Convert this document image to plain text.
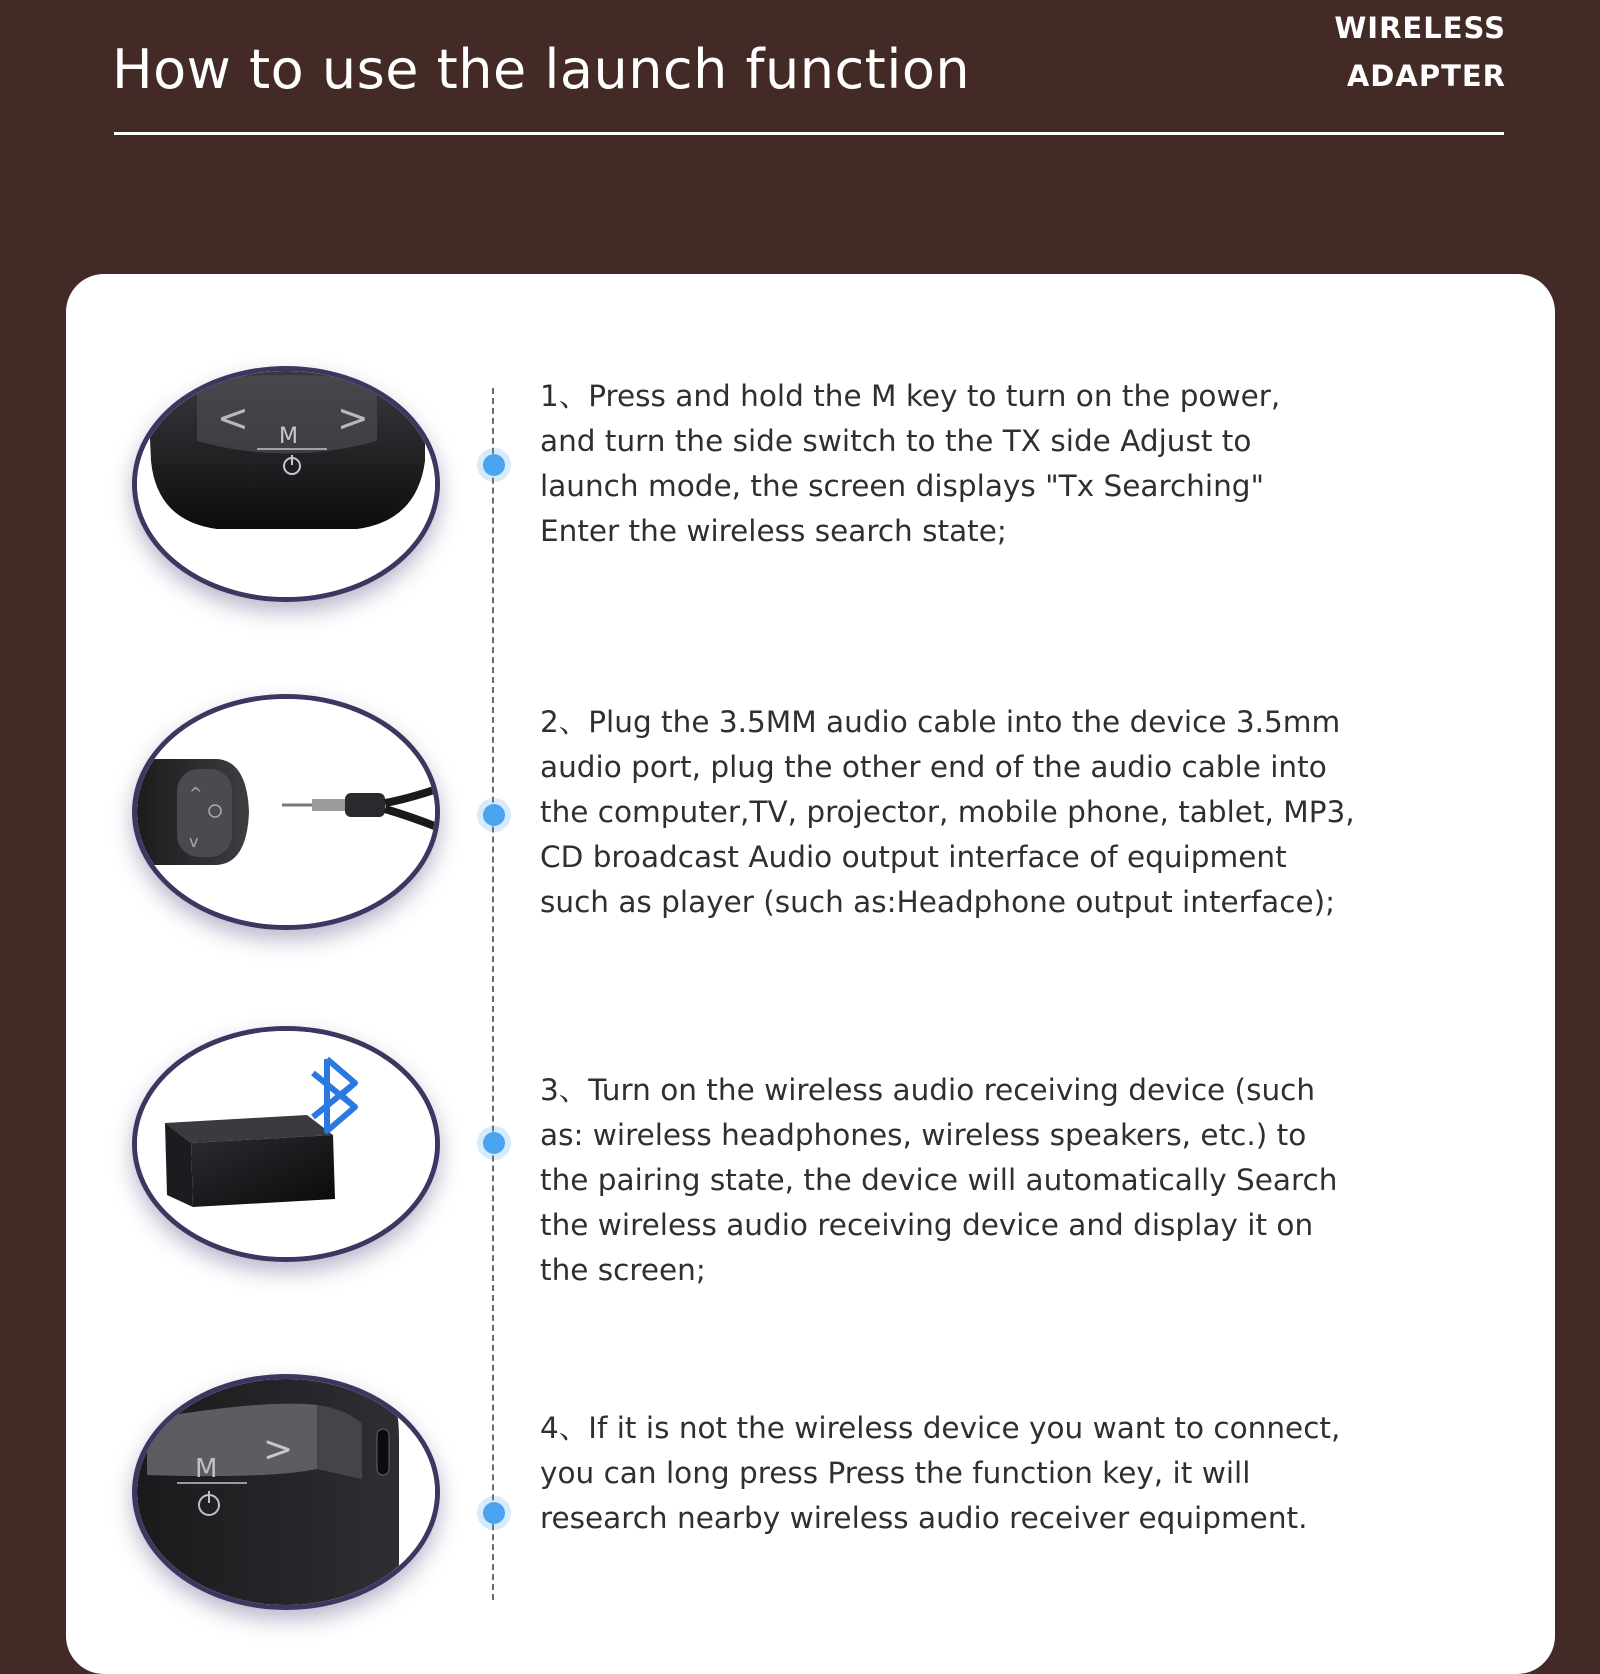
How to use the launch function
WIRELESS
ADAPTER
< >
M
1、Press and hold the M key to turn on the power,
and turn the side switch to the TX side Adjust to
launch mode, the screen displays "Tx Searching"
Enter the wireless search state;
^
v
2、Plug the 3.5MM audio cable into the device 3.5mm
audio port, plug the other end of the audio cable into
the computer,TV, projector, mobile phone, tablet, MP3,
CD broadcast Audio output interface of equipment
such as player (such as:Headphone output interface);
3、Turn on the wireless audio receiving device (such
as: wireless headphones, wireless speakers, etc.) to
the pairing state, the device will automatically Search
the wireless audio receiving device and display it on
the screen;
>
M
4、If it is not the wireless device you want to connect,
you can long press Press the function key, it will
research nearby wireless audio receiver equipment.
